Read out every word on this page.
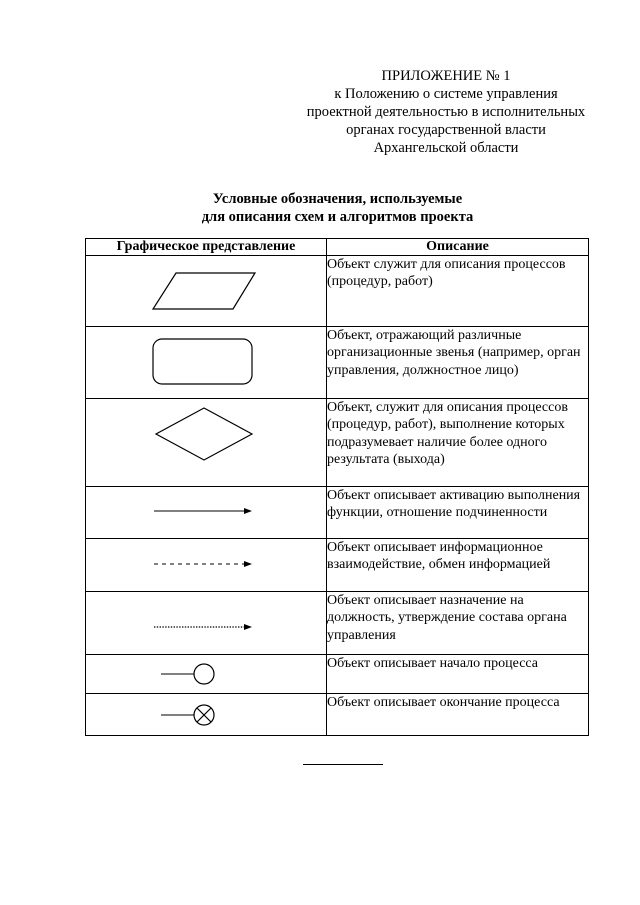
ПРИЛОЖЕНИЕ № 1
к Положению о системе управления
проектной деятельностью в исполнительных
органах государственной власти
Архангельской области
Условные обозначения, используемые
для описания схем и алгоритмов проекта
Графическое представление	Описание

	Объект служит для описания процессов (процедур, работ)

	Объект, отражающий различные организационные звенья (например, орган управления, должностное лицо)

	Объект, служит для описания процессов (процедур, работ), выполнение которых подразумевает наличие более одного результата (выхода)

	Объект описывает активацию выполнения функции, отношение подчиненности

	Объект описывает информационное взаимодействие, обмен информацией

	Объект описывает назначение на должность, утверждение состава органа управления

	Объект описывает начало процесса

	Объект описывает окончание процесса
